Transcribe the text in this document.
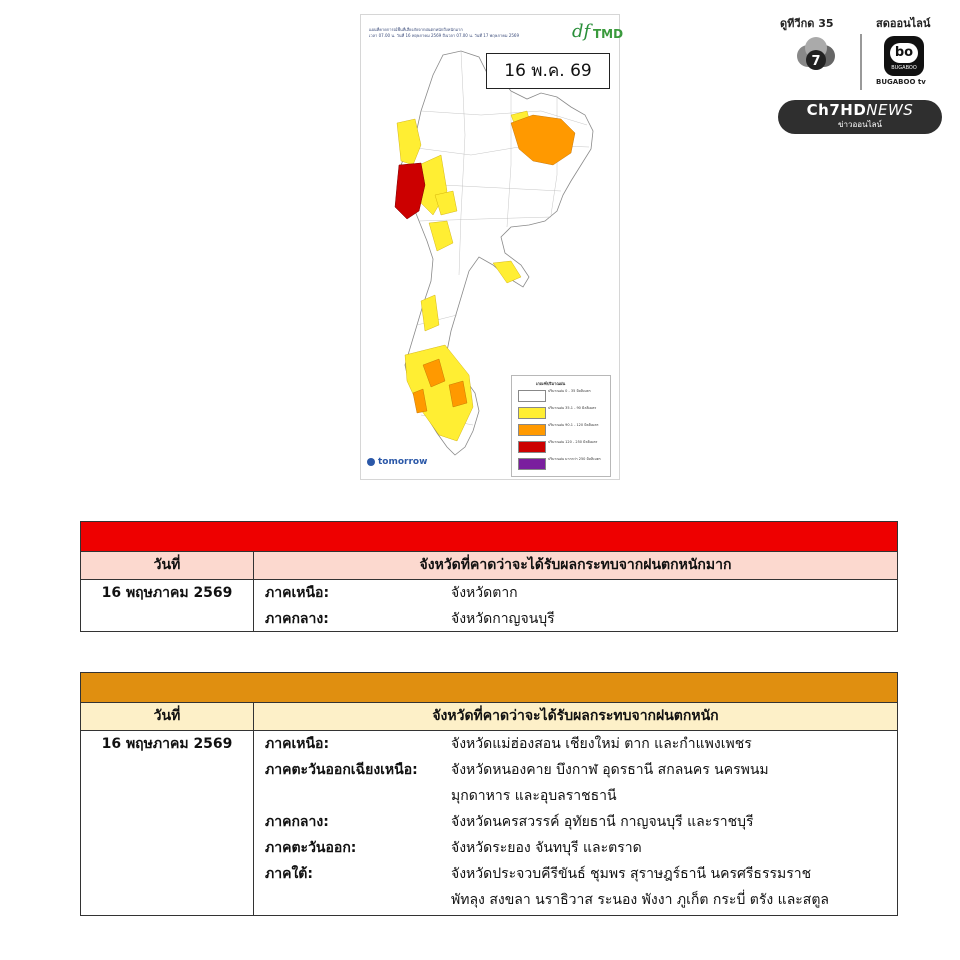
แผนที่คาดการณ์พื้นที่เสี่ยงภัยจากฝนตกหนักถึงหนักมาก
เวลา 07.00 น. วันที่ 16 พฤษภาคม 2569 ถึงเวลา 07.00 น. วันที่ 17 พฤษภาคม 2569	df TMD
เกณฑ์ปริมาณฝน
ปริมาณฝน 0 - 35 มิลลิเมตร
ปริมาณฝน 35.1 - 90 มิลลิเมตร
ปริมาณฝน 90.1 - 120 มิลลิเมตร
ปริมาณฝน 120 - 250 มิลลิเมตร
ปริมาณฝน มากกว่า 250 มิลลิเมตร
tomorrow
16 พ.ค. 69
ดูทีวีกด 35	สดออนไลน์
7
bo
BUGABOO
BUGABOO tv
Ch7HDNEWS
ข่าวออนไลน์
วันที่	จังหวัดที่คาดว่าจะได้รับผลกระทบจากฝนตกหนักมาก
16 พฤษภาคม 2569	ภาคเหนือ:	จังหวัดตาก
ภาคกลาง:	จังหวัดกาญจนบุรี
วันที่	จังหวัดที่คาดว่าจะได้รับผลกระทบจากฝนตกหนัก
16 พฤษภาคม 2569	ภาคเหนือ:	จังหวัดแม่ฮ่องสอน เชียงใหม่ ตาก และกำแพงเพชร
ภาคตะวันออกเฉียงเหนือ: จังหวัดหนองคาย บึงกาฬ อุดรธานี สกลนคร นครพนม
มุกดาหาร และอุบลราชธานี
ภาคกลาง:	จังหวัดนครสวรรค์ อุทัยธานี กาญจนบุรี และราชบุรี
ภาคตะวันออก:	จังหวัดระยอง จันทบุรี และตราด
ภาคใต้:	จังหวัดประจวบคีรีขันธ์ ชุมพร สุราษฎร์ธานี นครศรีธรรมราช
พัทลุง สงขลา นราธิวาส ระนอง พังงา ภูเก็ต กระบี่ ตรัง และสตูล
